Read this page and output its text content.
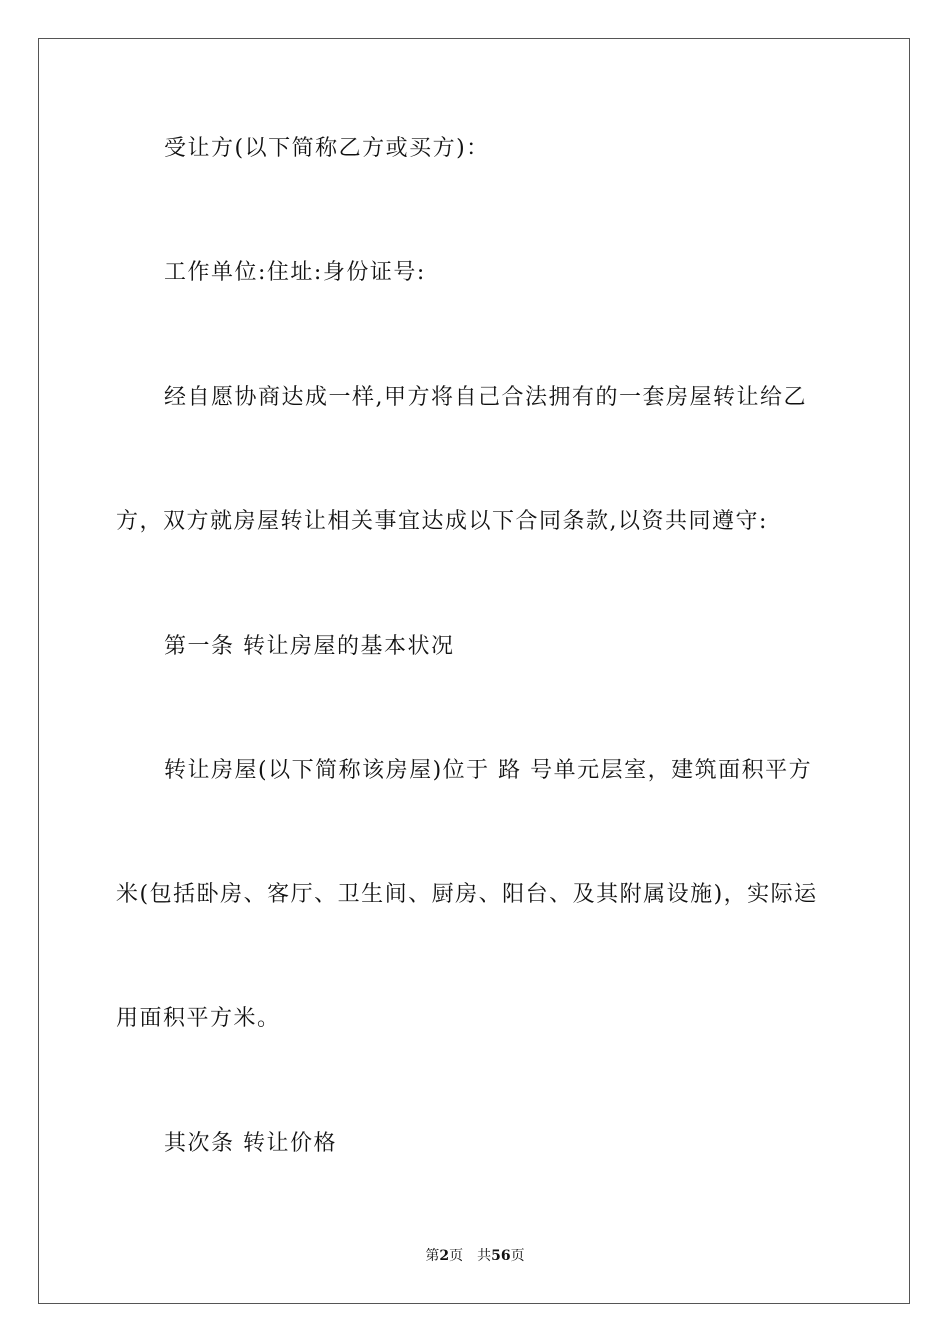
受让方(以下简称乙方或买方)：
工作单位:住址:身份证号:
经自愿协商达成一样,甲方将自己合法拥有的一套房屋转让给乙
方，双方就房屋转让相关事宜达成以下合同条款,以资共同遵守:
第一条 转让房屋的基本状况
转让房屋(以下简称该房屋)位于 路 号单元层室，建筑面积平方
米(包括卧房、客厅、卫生间、厨房、阳台、及其附属设施)，实际运
用面积平方米。
其次条 转让价格
第2页 共56页
